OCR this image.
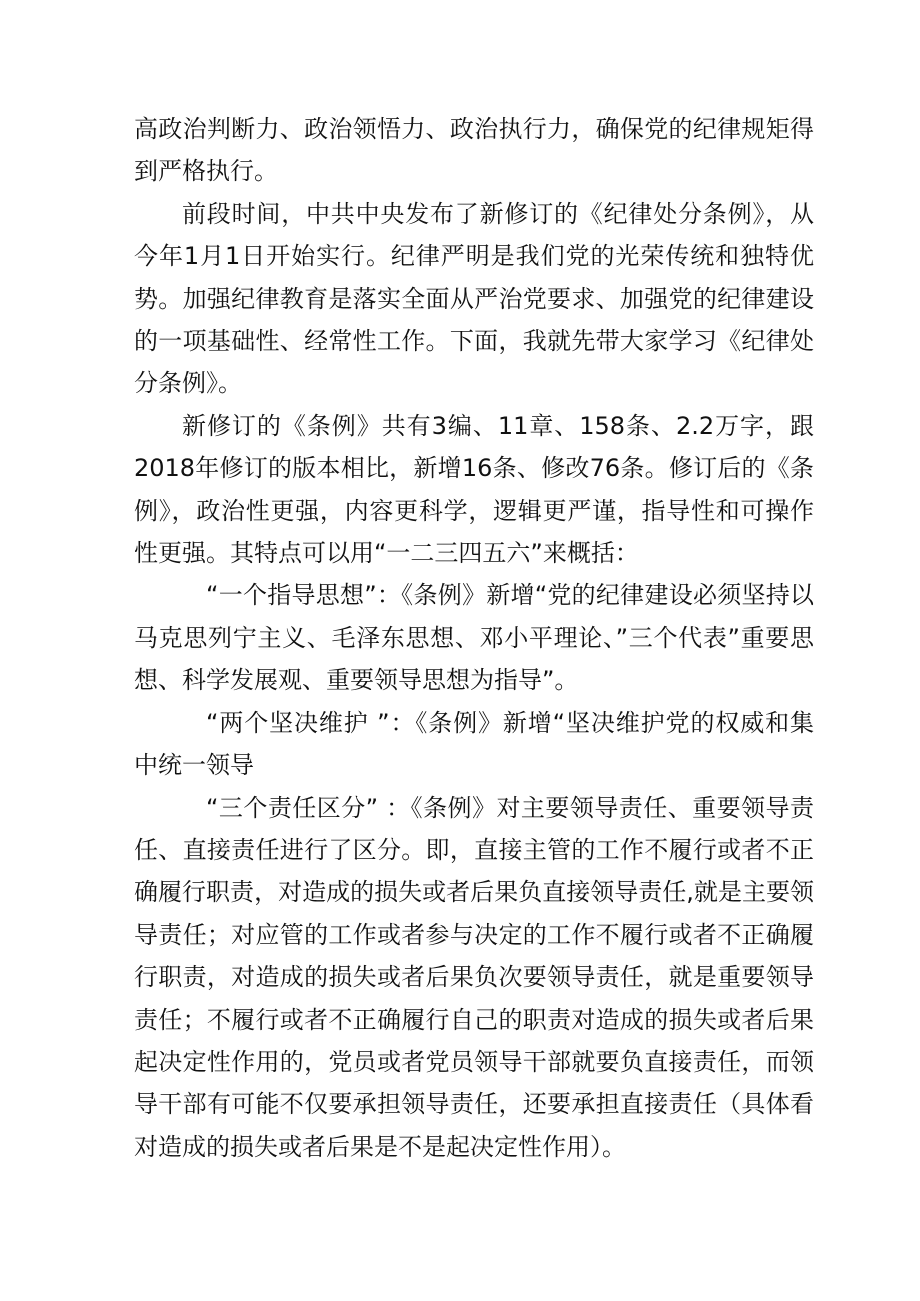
高政治判断力、政治领悟力、政治执行力，确保党的纪律规矩得到严格执行。

前段时间，中共中央发布了新修订的《纪律处分条例》，从今年1月1日开始实行。纪律严明是我们党的光荣传统和独特优势。加强纪律教育是落实全面从严治党要求、加强党的纪律建设的一项基础性、经常性工作。下面，我就先带大家学习《纪律处分条例》。

新修订的《条例》共有3编、11章、158条、2.2万字，跟2018年修订的版本相比，新增16条、修改76条。修订后的《条例》，政治性更强，内容更科学，逻辑更严谨，指导性和可操作性更强。其特点可以用“一二三四五六”来概括：

“一个指导思想”：《条例》新增“党的纪律建设必须坚持以马克思列宁主义、毛泽东思想、邓小平理论、”三个代表”重要思想、科学发展观、重要领导思想为指导”。

“两个坚决维护 ”：《条例》新增“坚决维护党的权威和集中统一领导

“三个责任区分” ：《条例》对主要领导责任、重要领导责任、直接责任进行了区分。即，直接主管的工作不履行或者不正确履行职责，对造成的损失或者后果负直接领导责任,就是主要领导责任；对应管的工作或者参与决定的工作不履行或者不正确履行职责，对造成的损失或者后果负次要领导责任，就是重要领导责任；不履行或者不正确履行自己的职责对造成的损失或者后果起决定性作用的，党员或者党员领导干部就要负直接责任，而领导干部有可能不仅要承担领导责任，还要承担直接责任（具体看对造成的损失或者后果是不是起决定性作用）。
